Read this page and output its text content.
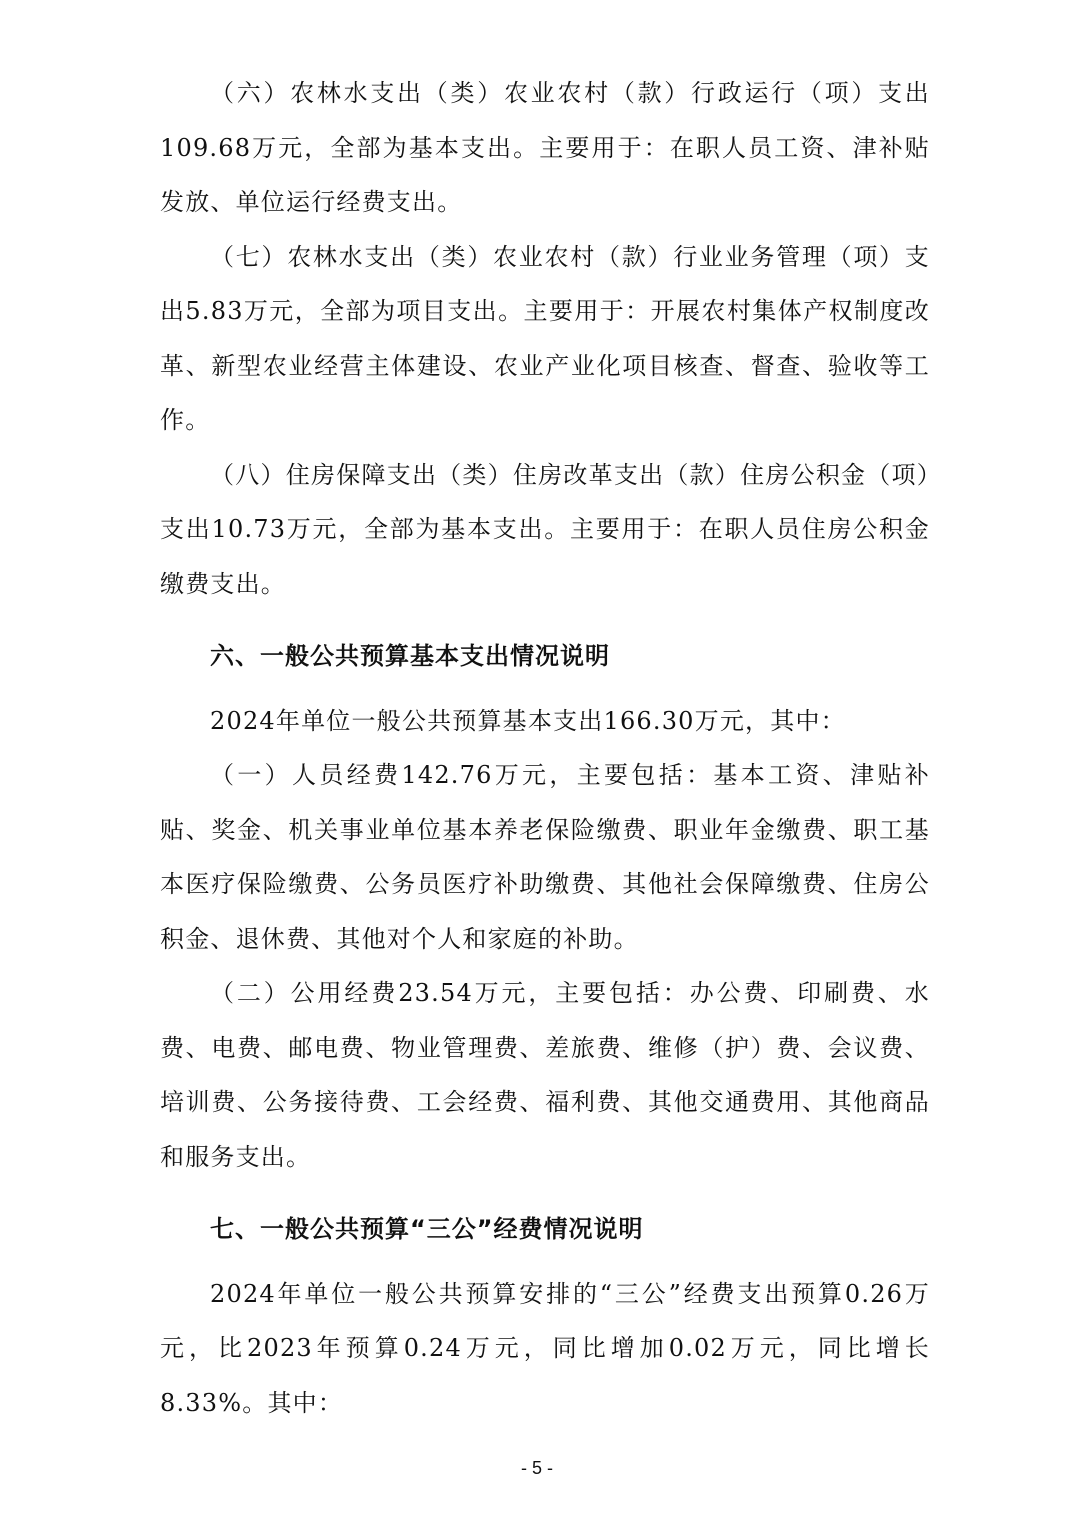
（六）农林水支出（类）农业农村（款）行政运行（项）支出109.68万元，全部为基本支出。主要用于：在职人员工资、津补贴发放、单位运行经费支出。

（七）农林水支出（类）农业农村（款）行业业务管理（项）支出5.83万元，全部为项目支出。主要用于：开展农村集体产权制度改革、新型农业经营主体建设、农业产业化项目核查、督查、验收等工作。

（八）住房保障支出（类）住房改革支出（款）住房公积金（项）支出10.73万元，全部为基本支出。主要用于：在职人员住房公积金缴费支出。

六、一般公共预算基本支出情况说明

2024年单位一般公共预算基本支出166.30万元，其中：

（一）人员经费142.76万元，主要包括：基本工资、津贴补贴、奖金、机关事业单位基本养老保险缴费、职业年金缴费、职工基本医疗保险缴费、公务员医疗补助缴费、其他社会保障缴费、住房公积金、退休费、其他对个人和家庭的补助。

（二）公用经费23.54万元，主要包括：办公费、印刷费、水费、电费、邮电费、物业管理费、差旅费、维修（护）费、会议费、培训费、公务接待费、工会经费、福利费、其他交通费用、其他商品和服务支出。

七、一般公共预算“三公”经费情况说明

2024年单位一般公共预算安排的“三公”经费支出预算0.26万元，比2023年预算0.24万元，同比增加0.02万元，同比增长8.33%。其中：

- 5 -
